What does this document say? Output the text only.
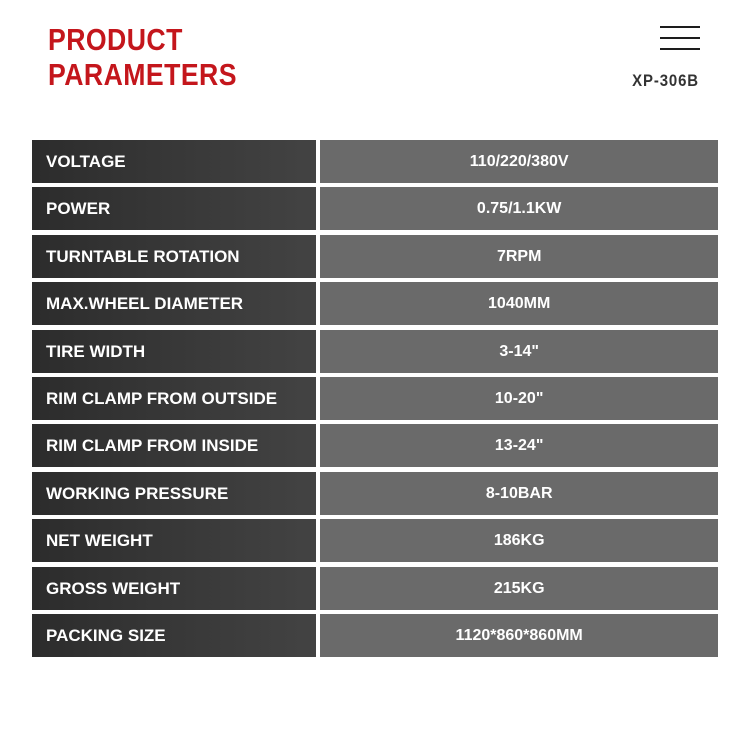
PRODUCT
PARAMETERS	XP-306B
VOLTAGE	110/220/380V
POWER	0.75/1.1KW
TURNTABLE ROTATION	7RPM
MAX.WHEEL DIAMETER	1040MM
TIRE WIDTH	3-14"
RIM CLAMP FROM OUTSIDE	10-20"
RIM CLAMP FROM INSIDE	13-24"
WORKING PRESSURE	8-10BAR
NET WEIGHT	186KG
GROSS WEIGHT	215KG
PACKING SIZE	1120*860*860MM
